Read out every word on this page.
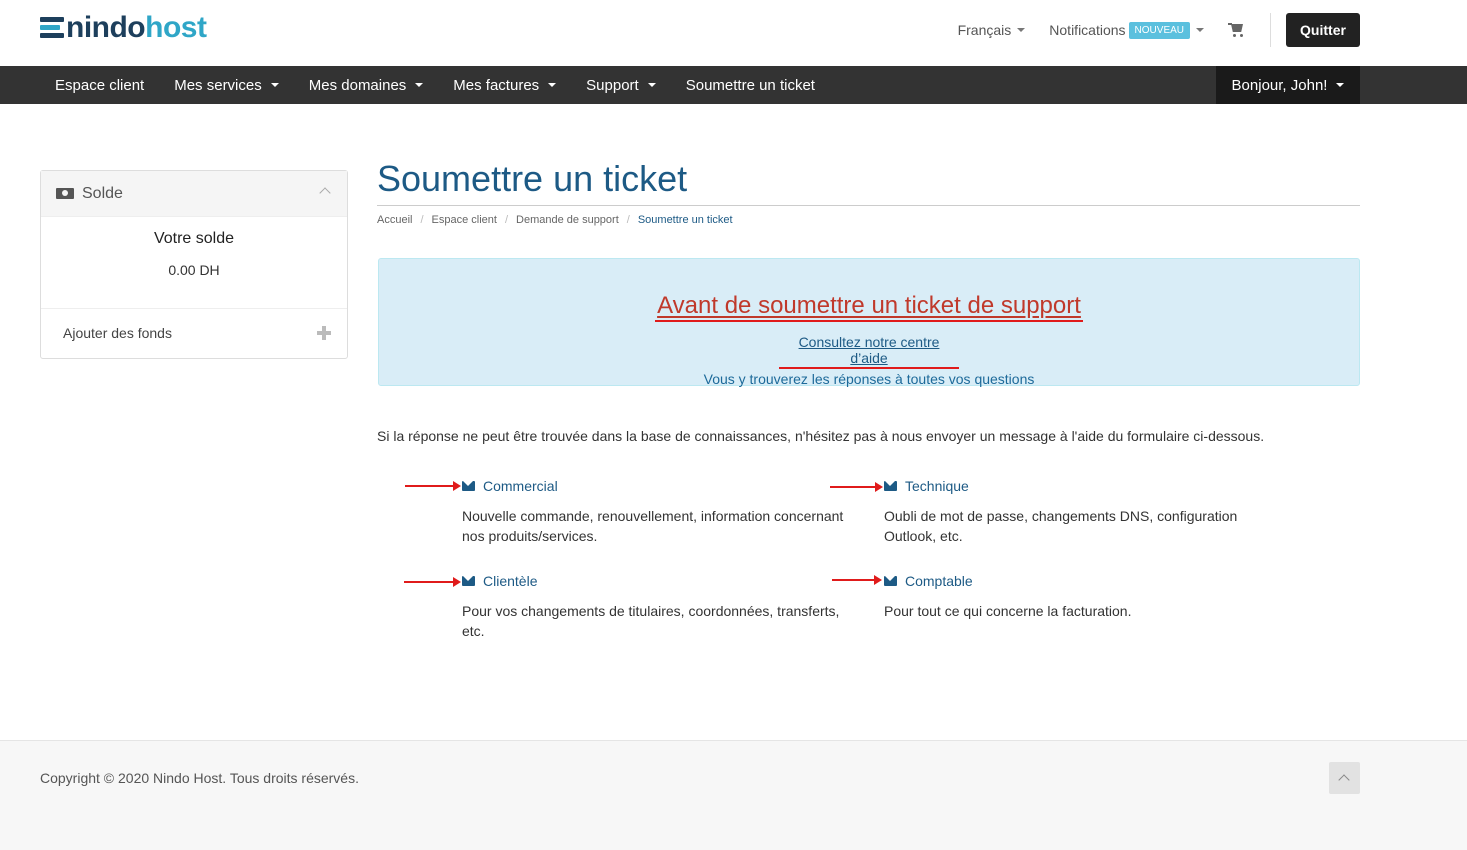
nindohost	Français	Notifications NOUVEAU	Quitter
Espace client Mes services	Mes domaines	Mes factures	Support	Soumettre un ticket	Bonjour, John!
Solde
Votre solde
0.00 DH
Ajouter des fonds
Soumettre un ticket
Accueil / Espace client / Demande de support / Soumettre un ticket
Avant de soumettre un ticket de support
Consultez notre centre d’aide
Vous y trouverez les réponses à toutes vos questions

Si la réponse ne peut être trouvée dans la base de connaissances, n'hésitez pas à nous envoyer un message à l'aide du formulaire ci-dessous.

Commercial
Nouvelle commande, renouvellement, information concernant nos produits/services.
Technique
Oubli de mot de passe, changements DNS, configuration Outlook, etc.
Clientèle
Pour vos changements de titulaires, coordonnées, transferts, etc.
Comptable
Pour tout ce qui concerne la facturation.
Copyright © 2020 Nindo Host. Tous droits réservés.
